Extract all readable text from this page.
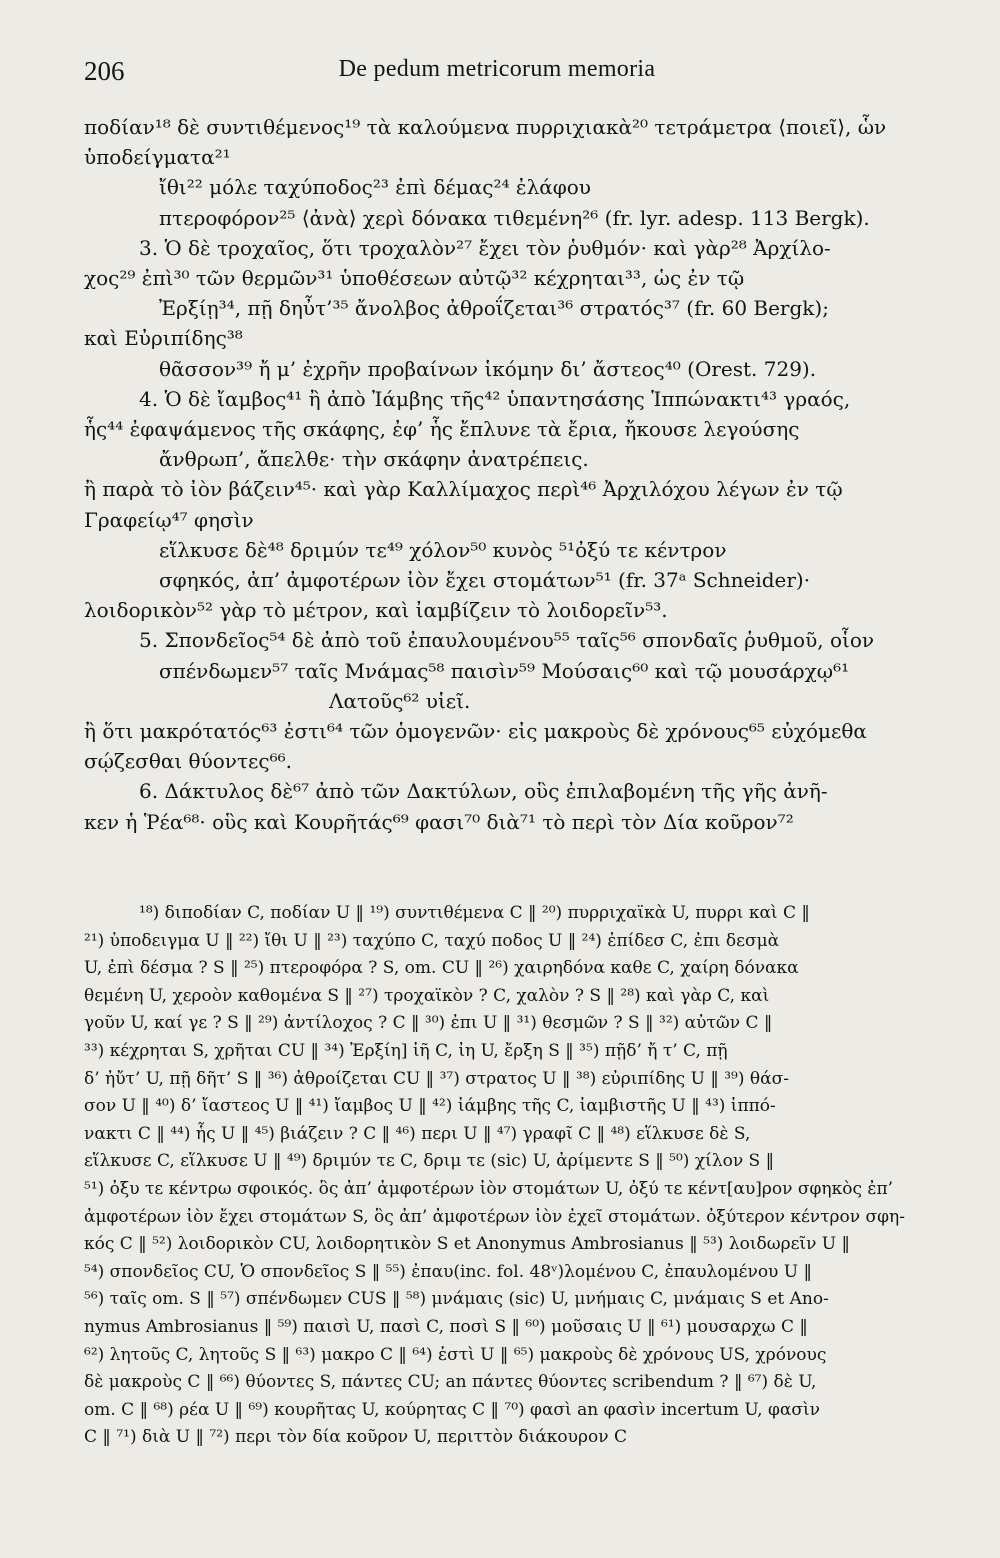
206	De pedum metricorum memoria

ποδίαν¹⁸ δὲ συντιθέμενος¹⁹ τὰ καλούμενα πυρριχιακὰ²⁰ τετράμετρα ⟨ποιεῖ⟩, ὧν

ὑποδείγματα²¹

ἴθι²² μόλε ταχύποδος²³ ἐπὶ δέμας²⁴ ἐλάφου

πτεροφόρον²⁵ ⟨ἀνὰ⟩ χερὶ δόνακα τιθεμένη²⁶ (fr. lyr. adesp. 113 Bergk).

3. Ὁ δὲ τροχαῖος, ὅτι τροχαλὸν²⁷ ἔχει τὸν ῥυθμόν· καὶ γὰρ²⁸ Ἀρχίλο-

χος²⁹ ἐπὶ³⁰ τῶν θερμῶν³¹ ὑποθέσεων αὐτῷ³² κέχρηται³³, ὡς ἐν τῷ

Ἐρξίῃ³⁴, πῇ δηὖτ’³⁵ ἄνολβος ἀθροΐζεται³⁶ στρατός³⁷ (fr. 60 Bergk);

καὶ Εὐριπίδης³⁸

θᾶσσον³⁹ ἤ μ’ ἐχρῆν προβαίνων ἱκόμην δι’ ἄστεος⁴⁰ (Orest. 729).

4. Ὁ δὲ ἴαμβος⁴¹ ἢ ἀπὸ Ἰάμβης τῆς⁴² ὑπαντησάσης Ἱππώνακτι⁴³ γραός,

ἧς⁴⁴ ἐφαψάμενος τῆς σκάφης, ἐφ’ ἧς ἔπλυνε τὰ ἔρια, ἤκουσε λεγούσης

ἄνθρωπ’, ἄπελθε· τὴν σκάφην ἀνατρέπεις.

ἢ παρὰ τὸ ἰὸν βάζειν⁴⁵· καὶ γὰρ Καλλίμαχος περὶ⁴⁶ Ἀρχιλόχου λέγων ἐν τῷ

Γραφείῳ⁴⁷ φησὶν

εἵλκυσε δὲ⁴⁸ δριμύν τε⁴⁹ χόλον⁵⁰ κυνὸς ⁵¹ὀξύ τε κέντρον

σφηκός, ἀπ’ ἀμφοτέρων ἰὸν ἔχει στομάτων⁵¹ (fr. 37ᵃ Schneider)·

λοιδορικὸν⁵² γὰρ τὸ μέτρον, καὶ ἰαμβίζειν τὸ λοιδορεῖν⁵³.

5. Σπονδεῖος⁵⁴ δὲ ἀπὸ τοῦ ἐπαυλουμένου⁵⁵ ταῖς⁵⁶ σπονδαῖς ῥυθμοῦ, οἷον

σπένδωμεν⁵⁷ ταῖς Μνάμας⁵⁸ παισὶν⁵⁹ Μούσαις⁶⁰ καὶ τῷ μουσάρχῳ⁶¹

Λατοῦς⁶² υἱεῖ.

ἢ ὅτι μακρότατός⁶³ ἐστι⁶⁴ τῶν ὁμογενῶν· εἰς μακροὺς δὲ χρόνους⁶⁵ εὐχόμεθα

σῴζεσθαι θύοντες⁶⁶.

6. Δάκτυλος δὲ⁶⁷ ἀπὸ τῶν Δακτύλων, οὓς ἐπιλαβομένη τῆς γῆς ἀνῆ-

κεν ἡ Ῥέα⁶⁸· οὓς καὶ Κουρῆτάς⁶⁹ φασι⁷⁰ διὰ⁷¹ τὸ περὶ τὸν Δία κοῦρον⁷²

¹⁸) διποδίαν C, ποδίαν U ‖ ¹⁹) συντιθέμενα C ‖ ²⁰) πυρριχαϊκὰ U, πυρρι καὶ C ‖

²¹) ὑποδειγμα U ‖ ²²) ἴθι U ‖ ²³) ταχύπο C, ταχύ ποδος U ‖ ²⁴) ἐπίδεσ C, ἐπι δεσμὰ

U, ἐπὶ δέσμα ? S ‖ ²⁵) πτεροφόρα ? S, om. CU ‖ ²⁶) χαιρηδόνα καθε C, χαίρη δόνακα

θεμένη U, χεροὸν καθομένα S ‖ ²⁷) τροχαϊκὸν ? C, χαλὸν ? S ‖ ²⁸) καὶ γὰρ C, καὶ

γοῦν U, καί γε ? S ‖ ²⁹) ἀντίλοχος ? C ‖ ³⁰) ἐπι U ‖ ³¹) θεσμῶν ? S ‖ ³²) αὐτῶν C ‖

³³) κέχρηται S, χρῆται CU ‖ ³⁴) Ἐρξίη] ἰῆ C, ἰη U, ἔρξη S ‖ ³⁵) πῇδ’ ἤ τ’ C, πῇ

δ’ ἠὔτ’ U, πῇ δῆτ’ S ‖ ³⁶) ἀθροίζεται CU ‖ ³⁷) στρατος U ‖ ³⁸) εὐριπίδης U ‖ ³⁹) θάσ-

σον U ‖ ⁴⁰) δ’ ἴαστεος U ‖ ⁴¹) ἴαμβος U ‖ ⁴²) ἰάμβης τῆς C, ἰαμβιστῆς U ‖ ⁴³) ἱππό-

νακτι C ‖ ⁴⁴) ἧς U ‖ ⁴⁵) βιάζειν ? C ‖ ⁴⁶) περι U ‖ ⁴⁷) γραφῖ C ‖ ⁴⁸) εἵλκυσε δὲ S,

εἵλκυσε C, εἵλκυσε U ‖ ⁴⁹) δριμύν τε C, δριμ τε (sic) U, ἀρίμεντε S ‖ ⁵⁰) χίλον S ‖

⁵¹) ὀξυ τε κέντρω σφοικός. ὃς ἀπ’ ἀμφοτέρων ἰὸν στομάτων U, ὀξύ τε κέντ[αυ]ρον σφηκὸς ἐπ’

ἀμφοτέρων ἰὸν ἔχει στομάτων S, ὃς ἀπ’ ἀμφοτέρων ἰὸν ἐχεῖ στομάτων. ὀξύτερον κέντρον σφη-

κός C ‖ ⁵²) λοιδορικὸν CU, λοιδορητικὸν S et Anonymus Ambrosianus ‖ ⁵³) λοιδωρεῖν U ‖

⁵⁴) σπονδεῖος CU, Ὁ σπονδεῖος S ‖ ⁵⁵) ἐπαυ(inc. fol. 48ᵛ)λομένου C, ἐπαυλομένου U ‖

⁵⁶) ταῖς om. S ‖ ⁵⁷) σπένδωμεν CUS ‖ ⁵⁸) μνάμαις (sic) U, μνήμαις C, μνάμαις S et Ano-

nymus Ambrosianus ‖ ⁵⁹) παισὶ U, πασὶ C, ποσὶ S ‖ ⁶⁰) μοῦσαις U ‖ ⁶¹) μουσαρχω C ‖

⁶²) λητοῦς C, λητοῦς S ‖ ⁶³) μακρο C ‖ ⁶⁴) ἐστὶ U ‖ ⁶⁵) μακροὺς δὲ χρόνους US, χρόνους

δὲ μακροὺς C ‖ ⁶⁶) θύοντες S, πάντες CU; an πάντες θύοντες scribendum ? ‖ ⁶⁷) δὲ U,

om. C ‖ ⁶⁸) ρέα U ‖ ⁶⁹) κουρῆτας U, κούρητας C ‖ ⁷⁰) φασὶ an φασὶν incertum U, φασὶν

C ‖ ⁷¹) διὰ U ‖ ⁷²) περι τὸν δία κοῦρον U, περιττὸν διάκουρον C
